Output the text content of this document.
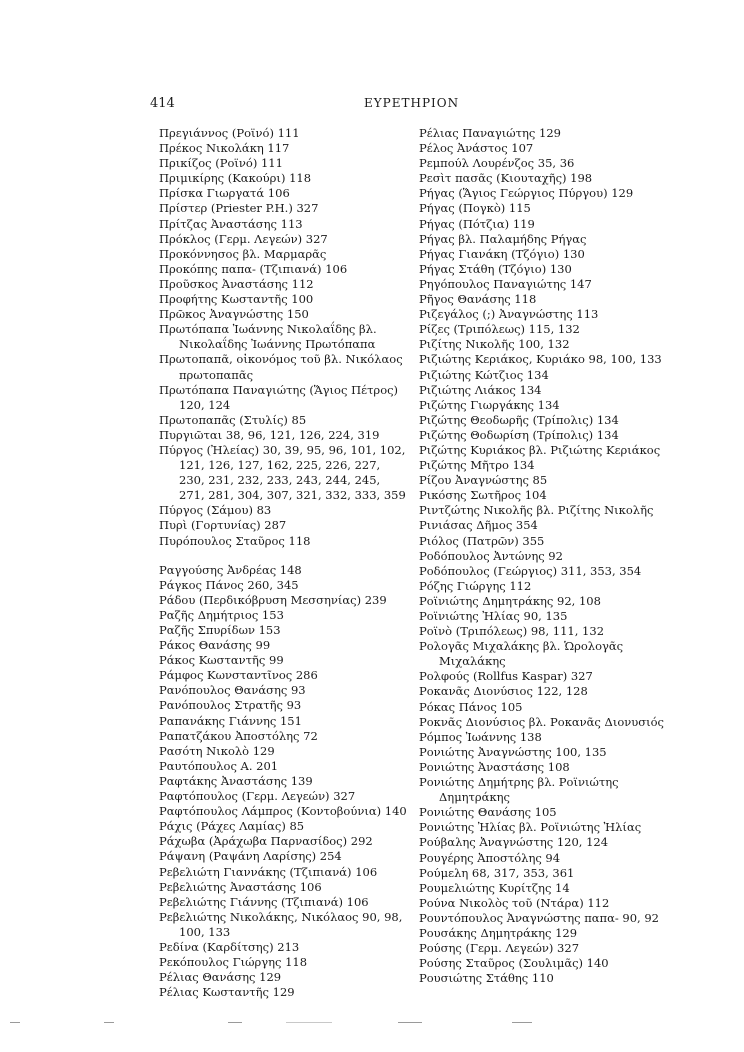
414	ΕΥΡΕΤΗΡΙΟΝ
Πρεγιάννος (Ροϊνό) 111
Πρέκος Νικολάκη 117
Πρικίζος (Ροϊνό) 111
Πριμικίρης (Κακούρι) 118
Πρίσκα Γιωργατά 106
Πρίστερ (Priester P.H.) 327
Πρίτζας Ἀναστάσης 113
Πρόκλος (Γερμ. Λεγεών) 327
Προκόννησος βλ. Μαρμαρᾶς
Προκόπης παπα- (Τζιπιανά) 106
Προῦσκος Ἀναστάσης 112
Προφήτης Κωσταντῆς 100
Πρῶκος Ἀναγνώστης 150
Πρωτόπαπα Ἰωάννης Νικολαΐδης βλ. Νικολαΐδης Ἰωάννης Πρωτόπαπα
Πρωτοπαπᾶ, οἰκονόμος τοῦ βλ. Νικόλαος πρωτοπαπᾶς
Πρωτόπαπα Παναγιώτης (Ἅγιος Πέτρος) 120, 124
Πρωτοπαπᾶς (Στυλίς) 85
Πυργιῶται 38, 96, 121, 126, 224, 319
Πύργος (Ἠλείας) 30, 39, 95, 96, 101, 102, 121, 126, 127, 162, 225, 226, 227, 230, 231, 232, 233, 243, 244, 245, 271, 281, 304, 307, 321, 332, 333, 359
Πύργος (Σάμου) 83
Πυρὶ (Γορτυνίας) 287
Πυρόπουλος Σταῦρος 118
Ραγγούσης Ἀνδρέας 148
Ράγκος Πάνος 260, 345
Ράδου (Περδικόβρυση Μεσσηνίας) 239
Ραζῆς Δημήτριος 153
Ραζῆς Σπυρίδων 153
Ράκος Θανάσης 99
Ράκος Κωσταντῆς 99
Ράμφος Κωνσταντῖνος 286
Ρανόπουλος Θανάσης 93
Ρανόπουλος Στρατῆς 93
Ραπανάκης Γιάννης 151
Ραπατζάκου Ἀποστόλης 72
Ρασότη Νικολὸ 129
Ραυτόπουλος Α. 201
Ραφτάκης Ἀναστάσης 139
Ραφτόπουλος (Γερμ. Λεγεών) 327
Ραφτόπουλος Λάμπρος (Κοντοβούνια) 140
Ράχις (Ράχες Λαμίας) 85
Ράχωβα (Ἀράχωβα Παρνασίδος) 292
Ράψανη (Ραψάνη Λαρίσης) 254
Ρεβελιώτη Γιαννάκης (Τζιπιανά) 106
Ρεβελιώτης Ἀναστάσης 106
Ρεβελιώτης Γιάννης (Τζιπιανά) 106
Ρεβελιώτης Νικολάκης, Νικόλαος 90, 98, 100, 133
Ρεδίνα (Καρδίτσης) 213
Ρεκόπουλος Γιώργης 118
Ρέλιας Θανάσης 129
Ρέλιας Κωσταντῆς 129
Ρέλιας Παναγιώτης 129
Ρέλος Ἀνάστος 107
Ρεμπούλ Λουρένζος 35, 36
Ρεσὶτ πασᾶς (Κιουταχῆς) 198
Ρήγας (Ἅγιος Γεώργιος Πύργου) 129
Ρήγας (Πογκὸ) 115
Ρήγας (Πότζια) 119
Ρήγας βλ. Παλαμήδης Ρήγας
Ρήγας Γιανάκη (Τζόγιο) 130
Ρήγας Στάθη (Τζόγιο) 130
Ρηγόπουλος Παναγιώτης 147
Ρῆγος Θανάσης 118
Ριζεγάλος (;) Ἀναγνώστης 113
Ρίζες (Τριπόλεως) 115, 132
Ριζίτης Νικολῆς 100, 132
Ριζιώτης Κεριάκος, Κυριάκο 98, 100, 133
Ριζιώτης Κώτζιος 134
Ριζιώτης Λιάκος 134
Ριζώτης Γιωργάκης 134
Ριζώτης Θεοδωρῆς (Τρίπολις) 134
Ριζώτης Θοδωρίση (Τρίπολις) 134
Ριζώτης Κυριάκος βλ. Ριζιώτης Κεριάκος
Ριζώτης Μῆτρο 134
Ρίζου Ἀναγνώστης 85
Ρικόσης Σωτῆρος 104
Ριντζώτης Νικολῆς βλ. Ριζίτης Νικολῆς
Ρινιάσας Δῆμος 354
Ριόλος (Πατρῶν) 355
Ροδόπουλος Ἀντώνης 92
Ροδόπουλος (Γεώργιος) 311, 353, 354
Ρόζης Γιώργης 112
Ροϊνιώτης Δημητράκης 92, 108
Ροϊνιώτης Ἠλίας 90, 135
Ροϊνὸ (Τριπόλεως) 98, 111, 132
Ρολογᾶς Μιχαλάκης βλ. Ὡρολογᾶς Μιχαλάκης
Ρολφούς (Rollfus Kaspar) 327
Ροκανᾶς Διονύσιος 122, 128
Ρόκας Πάνος 105
Ροκνᾶς Διονύσιος βλ. Ροκανᾶς Διονυσιός
Ρόμπος Ἰωάννης 138
Ρονιώτης Ἀναγνώστης 100, 135
Ρονιώτης Ἀναστάσης 108
Ρονιώτης Δημήτρης βλ. Ροϊνιώτης Δημητράκης
Ρονιώτης Θανάσης 105
Ρονιώτης Ἠλίας βλ. Ροϊνιώτης Ἠλίας
Ρούβαλης Ἀναγνώστης 120, 124
Ρουγέρης Ἀποστόλης 94
Ρούμελη 68, 317, 353, 361
Ρουμελιώτης Κυρίτζης 14
Ρούνα Νικολὸς τοῦ (Ντάρα) 112
Ρουντόπουλος Ἀναγνώστης παπα- 90, 92
Ρουσάκης Δημητράκης 129
Ρούσης (Γερμ. Λεγεών) 327
Ρούσης Σταῦρος (Σουλιμᾶς) 140
Ρουσιώτης Στάθης 110
